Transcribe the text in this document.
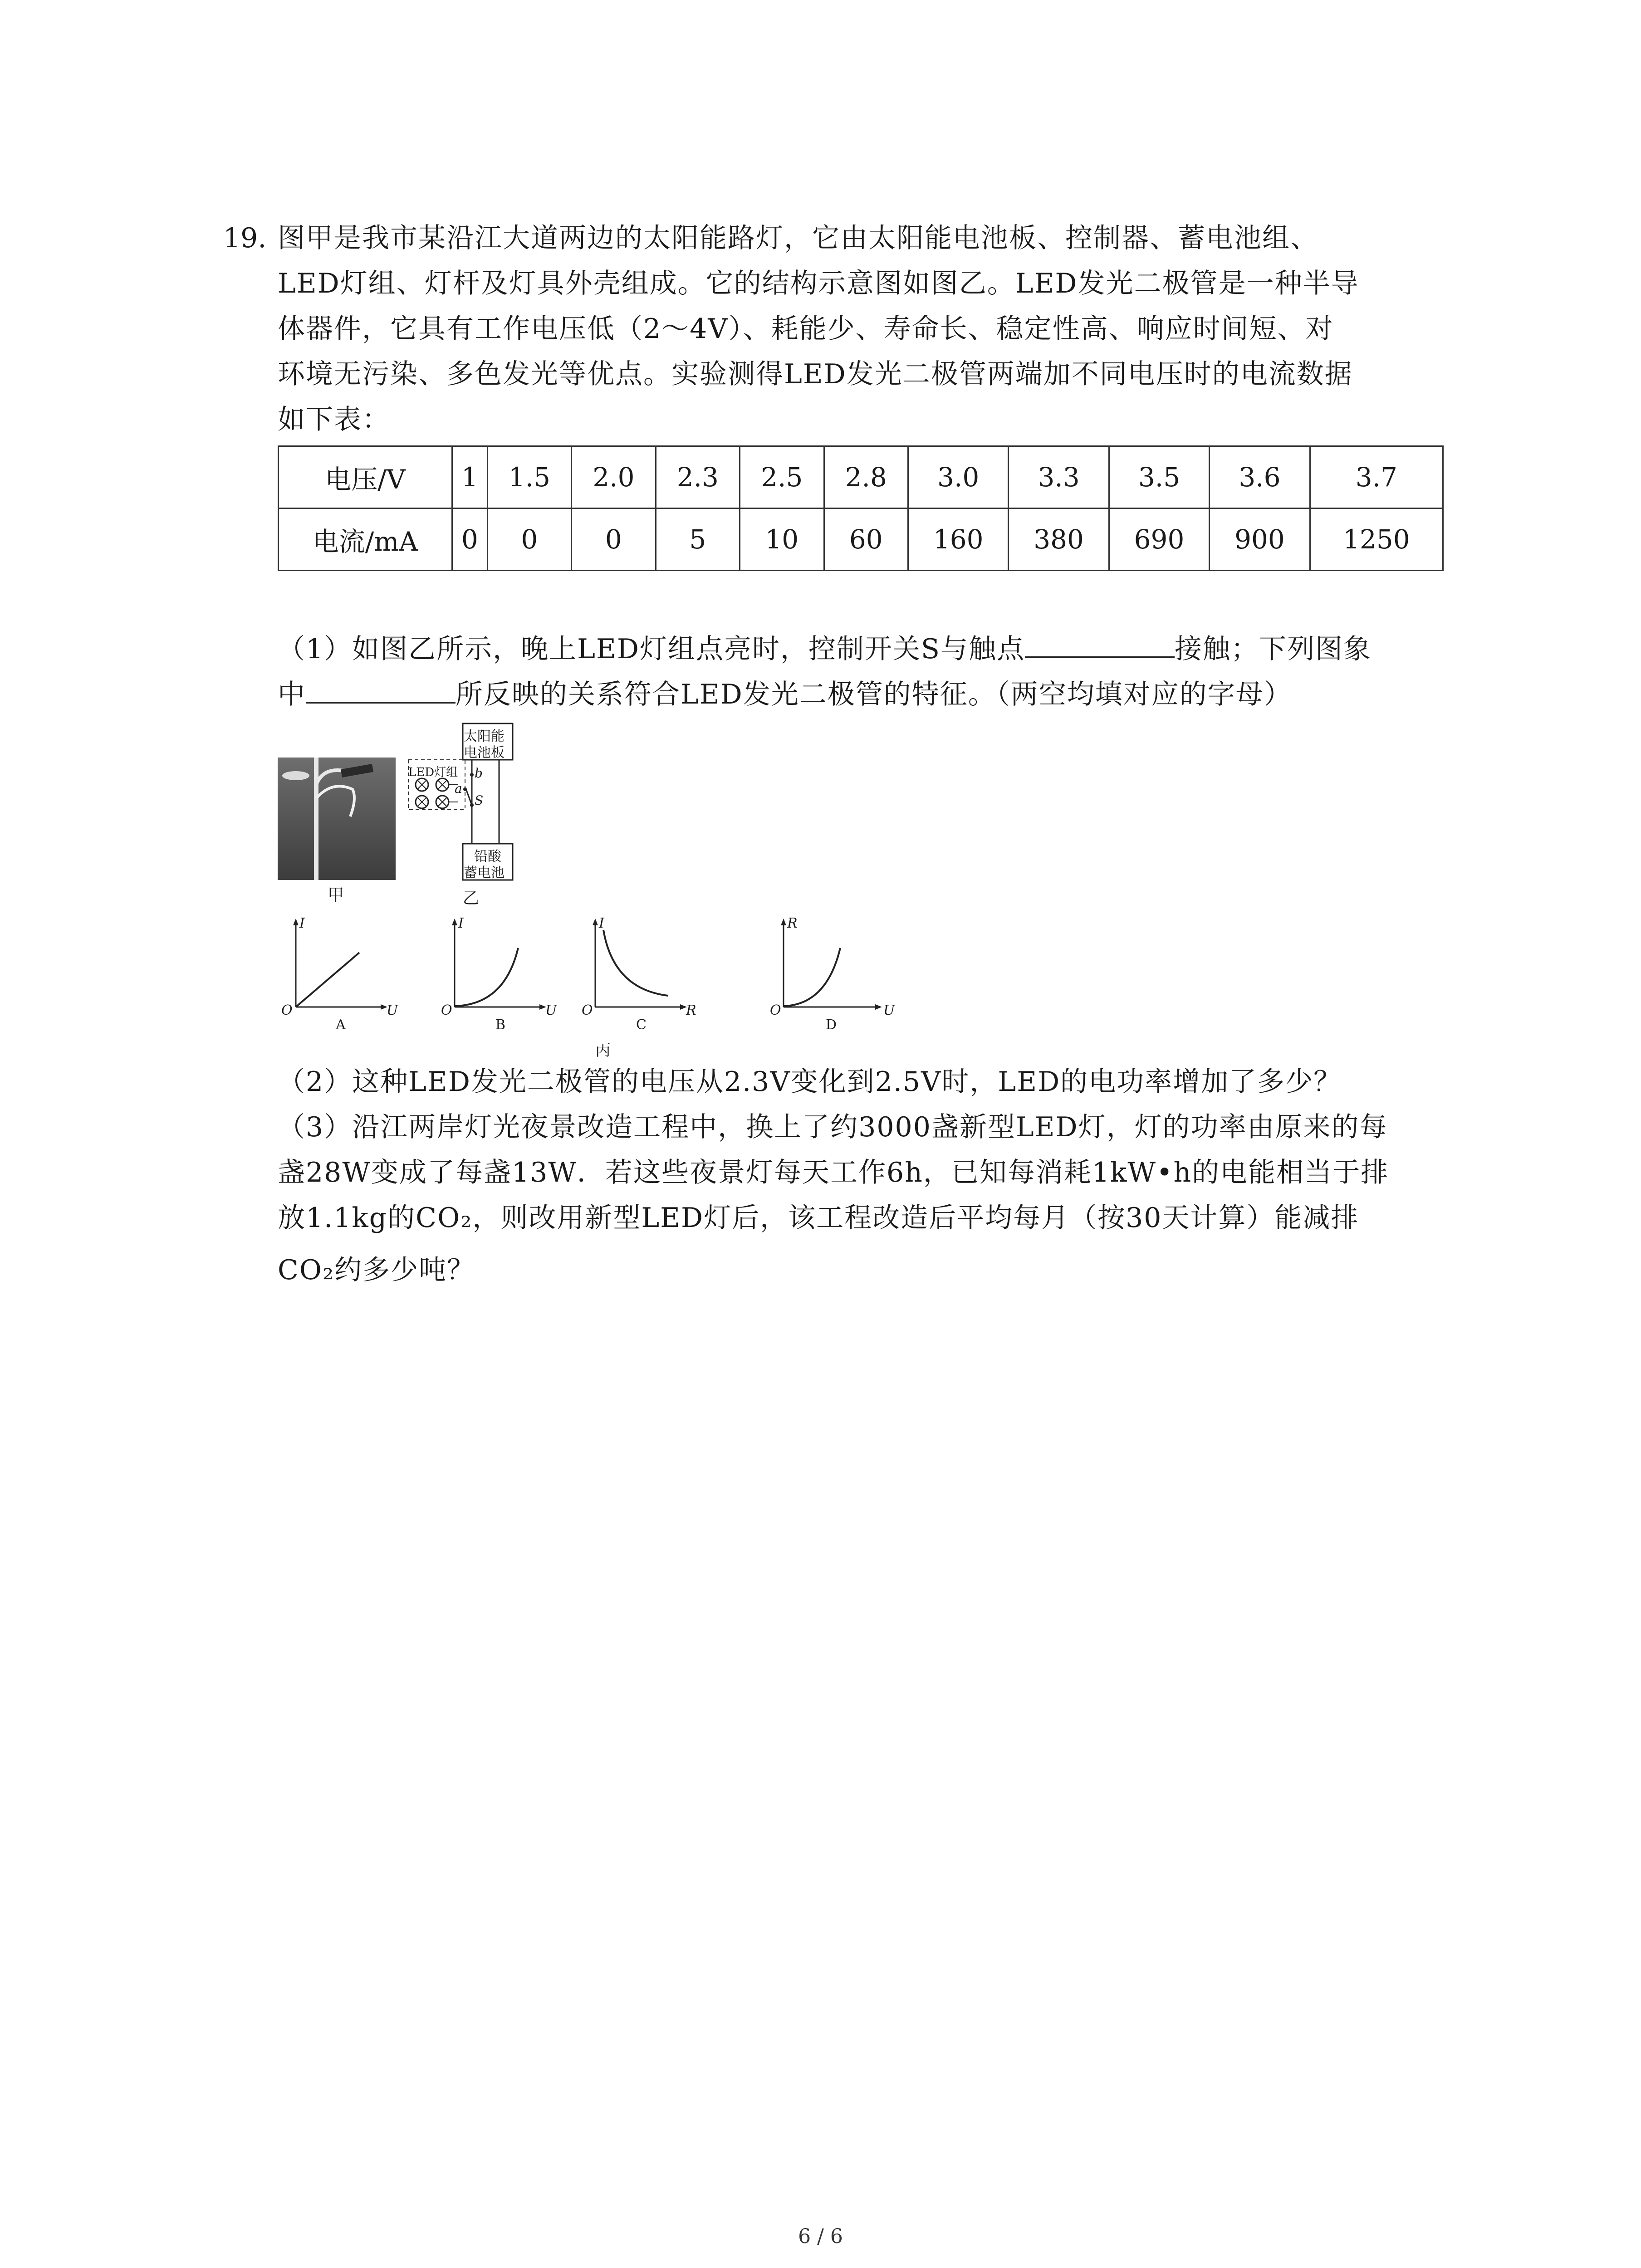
19. 图甲是我市某沿江大道两边的太阳能路灯，它由太阳能电池板、控制器、蓄电池组、
LED灯组、灯杆及灯具外壳组成。它的结构示意图如图乙。LED发光二极管是一种半导
体器件，它具有工作电压低（2～4V）、耗能少、寿命长、稳定性高、响应时间短、对
环境无污染、多色发光等优点。实验测得LED发光二极管两端加不同电压时的电流数据
如下表：
电压/V	1	1.5	2.0	2.3	2.5	2.8	3.0	3.3	3.5	3.6	3.7
电流/mA	0	0	0	5	10	60	160	380	690	900	1250
（1）如图乙所示，晚上LED灯组点亮时，控制开关S与触点	接触；下列图象
中	所反映的关系符合LED发光二极管的特征。（两空均填对应的字母）
甲
太阳能
电池板
铅酸
蓄电池
LED灯组 b
a
S
乙
I
O	U
A
I
O	U
B
I
O	R
C
R
O	U
D
丙
（2）这种LED发光二极管的电压从2.3V变化到2.5V时，LED的电功率增加了多少？
（3）沿江两岸灯光夜景改造工程中，换上了约3000盏新型LED灯，灯的功率由原来的每
盏28W变成了每盏13W．若这些夜景灯每天工作6h，已知每消耗1kW•h的电能相当于排
放1.1kg的CO₂，则改用新型LED灯后，该工程改造后平均每月（按30天计算）能减排
CO₂约多少吨？
6 / 6
